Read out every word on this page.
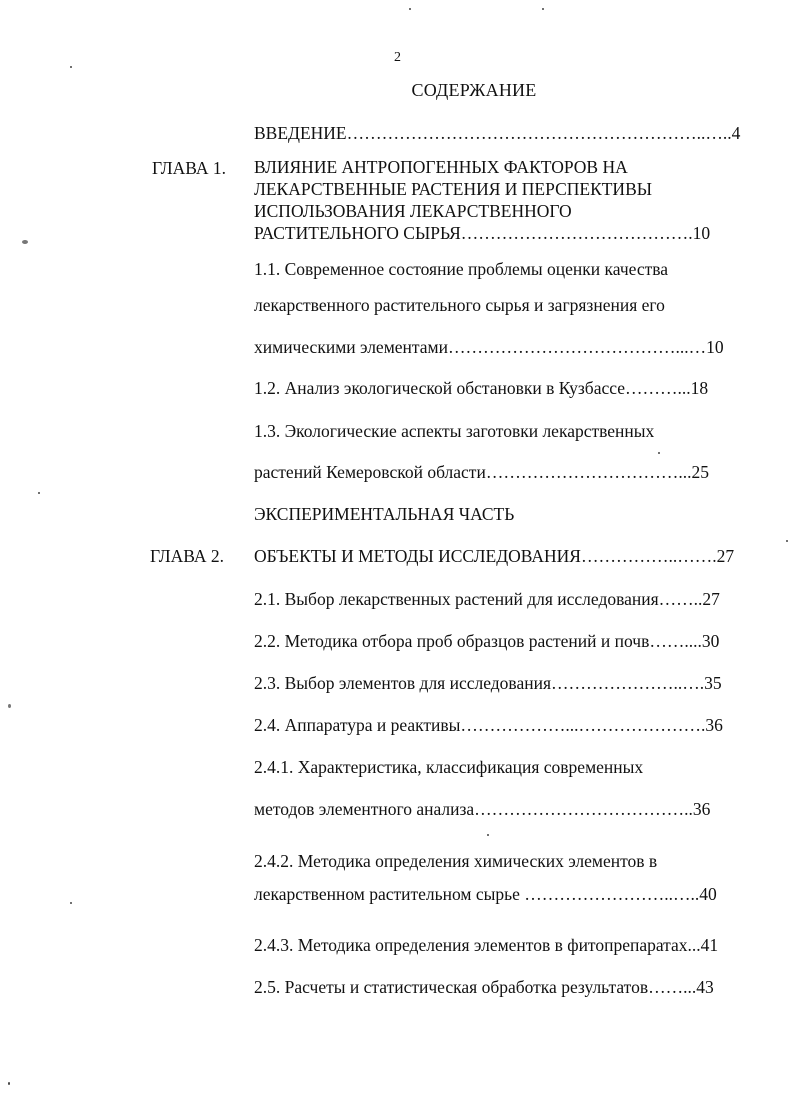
2
СОДЕРЖАНИЕ
ВВЕДЕНИЕ……………………………………………………..…..4
ГЛАВА 1. ВЛИЯНИЕ АНТРОПОГЕННЫХ ФАКТОРОВ НА
ЛЕКАРСТВЕННЫЕ РАСТЕНИЯ И ПЕРСПЕКТИВЫ
ИСПОЛЬЗОВАНИЯ ЛЕКАРСТВЕННОГО
РАСТИТЕЛЬНОГО СЫРЬЯ………………………………….10
1.1. Современное состояние проблемы оценки качества
лекарственного растительного сырья и загрязнения его
химическими элементами…………………………………...…10
1.2. Анализ экологической обстановки в Кузбассе………...18
1.3. Экологические аспекты заготовки лекарственных
растений Кемеровской области……………………………...25
ЭКСПЕРИМЕНТАЛЬНАЯ ЧАСТЬ
ГЛАВА 2. ОБЪЕКТЫ И МЕТОДЫ ИССЛЕДОВАНИЯ……………..…….27
2.1. Выбор лекарственных растений для исследования……..27
2.2. Методика отбора проб образцов растений и почв……....30
2.3. Выбор элементов для исследования…………………..….35
2.4. Аппаратура и реактивы………………...………………….36
2.4.1. Характеристика, классификация современных
методов элементного анализа………………………………..36
2.4.2. Методика определения химических элементов в
лекарственном растительном сырье ……………………..…..40
2.4.3. Методика определения элементов в фитопрепаратах...41
2.5. Расчеты и статистическая обработка результатов……...43
